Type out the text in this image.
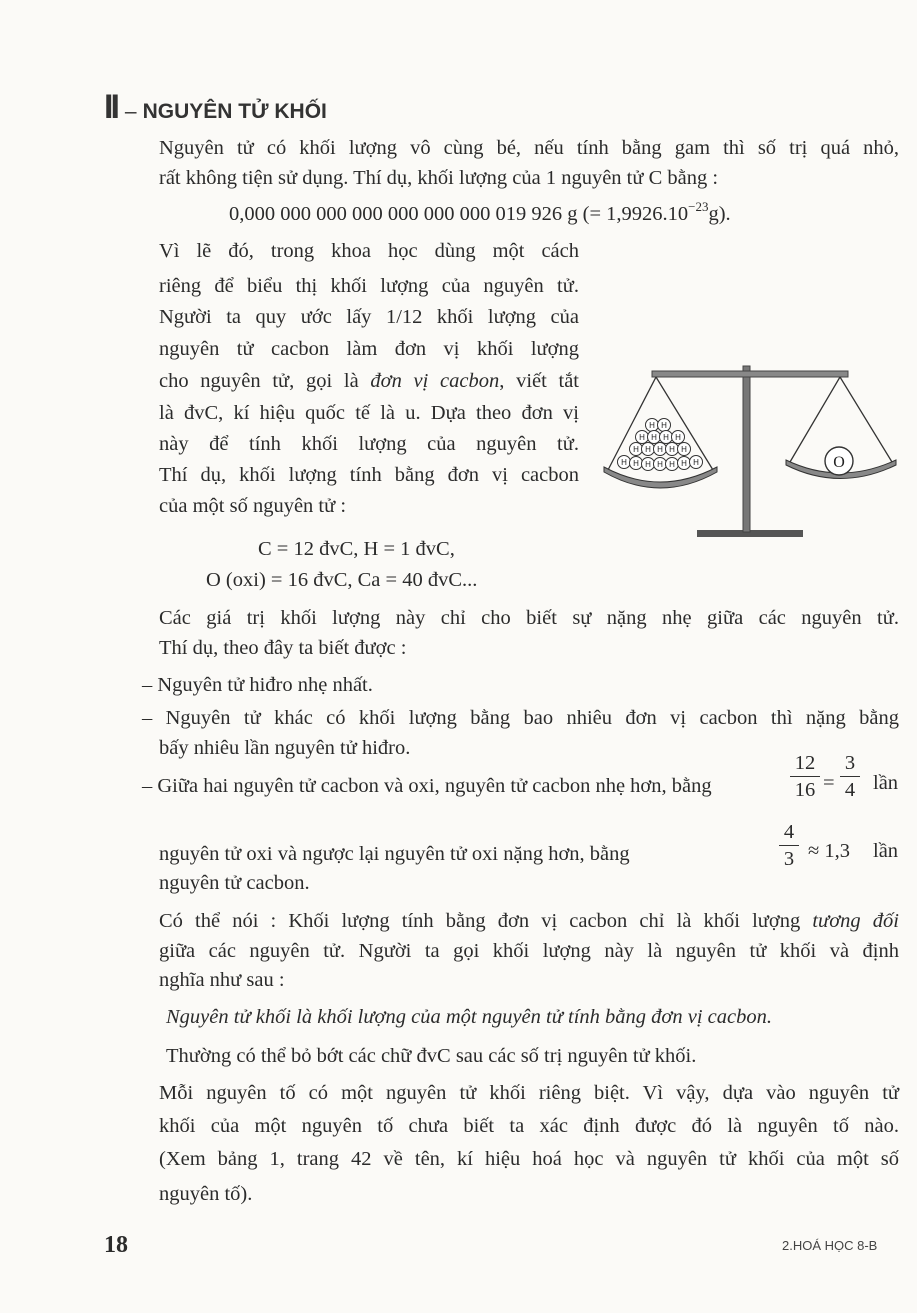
II – NGUYÊN TỬ KHỐI
Nguyên tử có khối lượng vô cùng bé, nếu tính bằng gam thì số trị quá nhỏ,
rất không tiện sử dụng. Thí dụ, khối lượng của 1 nguyên tử C bằng :
0,000 000 000 000 000 000 000 019 926 g (= $1,9926.10^{-23}g$).
Vì lẽ đó, trong khoa học dùng một cách
riêng để biểu thị khối lượng của nguyên tử.
Người ta quy ước lấy 1/12 khối lượng của
nguyên tử cacbon làm đơn vị khối lượng
cho nguyên tử, gọi là đơn vị cacbon, viết tắt
là đvC, kí hiệu quốc tế là u. Dựa theo đơn vị
này để tính khối lượng của nguyên tử.
Thí dụ, khối lượng tính bằng đơn vị cacbon
của một số nguyên tử :
C = 12 đvC, H = 1 đvC,
O (oxi) = 16 đvC, Ca = 40 đvC...
H H
H H H H
H H H H H
H H H H H H H	O
Các giá trị khối lượng này chỉ cho biết sự nặng nhẹ giữa các nguyên tử.
Thí dụ, theo đây ta biết được :
– Nguyên tử hiđro nhẹ nhất.
– Nguyên tử khác có khối lượng bằng bao nhiêu đơn vị cacbon thì nặng bằng
bấy nhiêu lần nguyên tử hiđro.
– Giữa hai nguyên tử cacbon và oxi, nguyên tử cacbon nhẹ hơn, bằng
12
16 =
3
4 lần
nguyên tử oxi và ngược lại nguyên tử oxi nặng hơn, bằng
4
3 ≈ 1,3 lần
nguyên tử cacbon.
Có thể nói : Khối lượng tính bằng đơn vị cacbon chỉ là khối lượng tương đối
giữa các nguyên tử. Người ta gọi khối lượng này là nguyên tử khối và định
nghĩa như sau :
Nguyên tử khối là khối lượng của một nguyên tử tính bằng đơn vị cacbon.
Thường có thể bỏ bớt các chữ đvC sau các số trị nguyên tử khối.
Mỗi nguyên tố có một nguyên tử khối riêng biệt. Vì vậy, dựa vào nguyên tử
khối của một nguyên tố chưa biết ta xác định được đó là nguyên tố nào.
(Xem bảng 1, trang 42 về tên, kí hiệu hoá học và nguyên tử khối của một số
nguyên tố).
18	2.HOÁ HỌC 8-B
